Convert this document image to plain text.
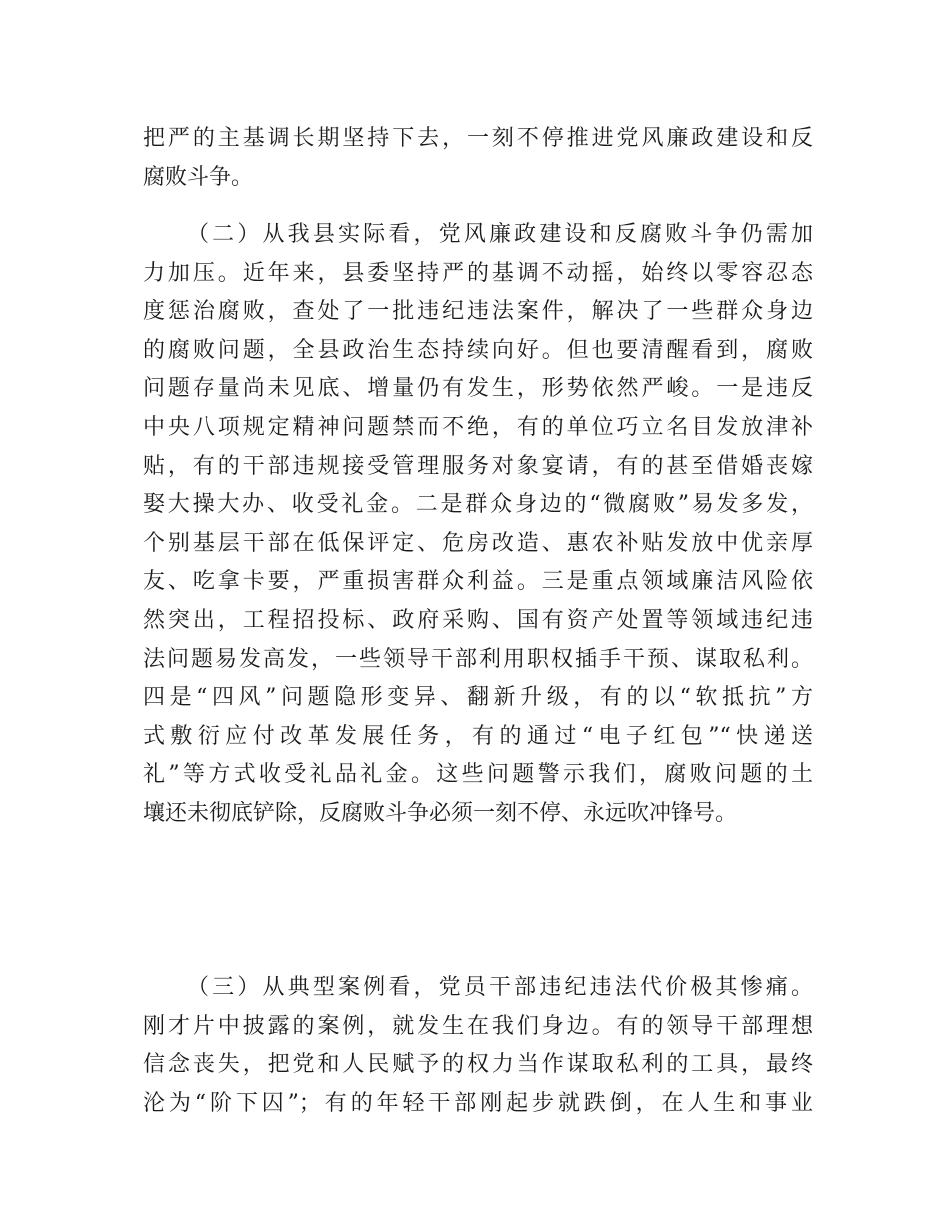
把严的主基调长期坚持下去，一刻不停推进党风廉政建设和反
腐败斗争。
（二）从我县实际看，党风廉政建设和反腐败斗争仍需加
力加压。近年来，县委坚持严的基调不动摇，始终以零容忍态
度惩治腐败，查处了一批违纪违法案件，解决了一些群众身边
的腐败问题，全县政治生态持续向好。但也要清醒看到，腐败
问题存量尚未见底、增量仍有发生，形势依然严峻。一是违反
中央八项规定精神问题禁而不绝，有的单位巧立名目发放津补
贴，有的干部违规接受管理服务对象宴请，有的甚至借婚丧嫁
娶大操大办、收受礼金。二是群众身边的“微腐败”易发多发，
个别基层干部在低保评定、危房改造、惠农补贴发放中优亲厚
友、吃拿卡要，严重损害群众利益。三是重点领域廉洁风险依
然突出，工程招投标、政府采购、国有资产处置等领域违纪违
法问题易发高发，一些领导干部利用职权插手干预、谋取私利。
四是“四风”问题隐形变异、翻新升级，有的以“软抵抗”方
式敷衍应付改革发展任务，有的通过“电子红包”“快递送
礼”等方式收受礼品礼金。这些问题警示我们，腐败问题的土
壤还未彻底铲除，反腐败斗争必须一刻不停、永远吹冲锋号。
（三）从典型案例看，党员干部违纪违法代价极其惨痛。
刚才片中披露的案例，就发生在我们身边。有的领导干部理想
信念丧失，把党和人民赋予的权力当作谋取私利的工具，最终
沦为“阶下囚”；有的年轻干部刚起步就跌倒，在人生和事业
